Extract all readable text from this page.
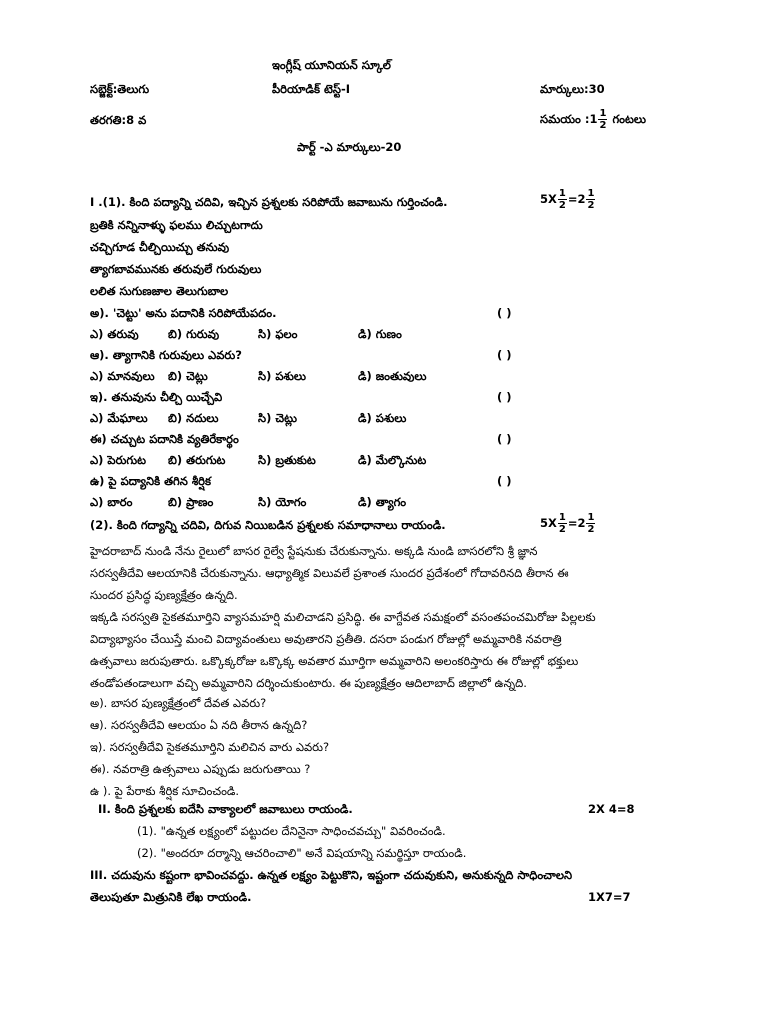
ఇంగ్లీష్ యూనియన్ స్కూల్
సబ్జెక్ట్:తెలుగు	పీరియాడిక్ టెస్ట్-I	మార్కులు:30
తరగతి:8 వ	సమయం :1 $\frac{1}{2}$ గంటలు
పార్ట్ -ఎ మార్కులు-20
I .(1). కింది పద్యాన్ని చదివి, ఇచ్చిన ప్రశ్నలకు సరిపోయే జవాబును గుర్తించండి.	$5X \frac{1}{2} =2 \frac{1}{2}$
బ్రతికి నన్నినాళ్ళు ఫలము లిచ్చుటగాదు
చచ్చిగూడ చీల్చియిచ్చు తనువు
త్యాగబావమునకు తరువులే గురువులు
లలిత సుగుణజాల తెలుగుబాల
అ). 'చెట్టు' అను పదానికి సరిపోయేపదం.	( )
ఎ) తరువు	బి) గురువు	సి) ఫలం	డి) గుణం
ఆ). త్యాగానికి గురువులు ఎవరు?	( )
ఎ) మానవులు బి) చెట్లు	సి) పశులు	డి) జంతువులు
ఇ). తనువును చీల్చి యిచ్చేవి	( )
ఎ) మేఘాలు బి) నదులు	సి) చెట్లు	డి) పశులు
ఈ) చచ్చుట పదానికి వ్యతిరేకార్థం	( )
ఎ) పెరుగుట బి) తరుగుట	సి) బ్రతుకుట	డి) మేల్కొనుట
ఉ) పై పద్యానికి తగిన శీర్షిక	( )
ఎ) బారం	బి) ప్రాణం	సి) యోగం	డి) త్యాగం
(2). కింది గద్యాన్ని చదివి, దిగువ నియిబడిన ప్రశ్నలకు సమాధానాలు రాయండి.	$5X \frac{1}{2} =2 \frac{1}{2}$
హైదరాబాద్ నుండి నేను రైలులో బాసర రైల్వే స్టేషనుకు చేరుకున్నాను. అక్కడి నుండి బాసరలోని శ్రీ జ్ఞాన
సరస్వతీదేవి ఆలయానికి చేరుకున్నాను. ఆధ్యాత్మిక విలువలే ప్రశాంత సుందర ప్రదేశంలో గోదావరినది తీరాన ఈ
సుందర ప్రసిద్ధ పుణ్యక్షేత్రం ఉన్నది.
ఇక్కడి సరస్వతి సైకతమూర్తిని వ్యాసమహర్షి మలిచాడని ప్రసిద్ధి. ఈ వాగ్దేవత సమక్షంలో వసంతపంచమిరోజు పిల్లలకు
విద్యాభ్యాసం చేయిస్తే మంచి విద్యావంతులు అవుతారని ప్రతీతి. దసరా పండుగ రోజుల్లో అమ్మవారికి నవరాత్రి
ఉత్సవాలు జరుపుతారు. ఒక్కొక్కరోజు ఒక్కొక్క అవతార మూర్తిగా అమ్మవారిని అలంకరిస్తారు ఈ రోజుల్లో భక్తులు
తండోపతండాలుగా వచ్చి అమ్మవారిని దర్శించుకుంటారు. ఈ పుణ్యక్షేత్రం ఆదిలాబాద్ జిల్లాలో ఉన్నది.
అ). బాసర పుణ్యక్షేత్రంలో దేవత ఎవరు?
ఆ). సరస్వతీదేవి ఆలయం ఏ నది తీరాన ఉన్నది?
ఇ). సరస్వతీదేవి సైకతమూర్తిని మలిచిన వారు ఎవరు?
ఈ). నవరాత్రి ఉత్సవాలు ఎప్పుడు జరుగుతాయి ?
ఉ ). పై పేరాకు శీర్షిక సూచించండి.
II. కింది ప్రశ్నలకు ఐదేసి వాక్యాలలో జవాబులు రాయండి.	2X 4=8
(1). "ఉన్నత లక్ష్యంలో పట్టుదల దేనినైనా సాధించవచ్చు" వివరించండి.
(2). "అందరూ దర్మాన్ని ఆచరించాలి" అనే విషయాన్ని సమర్థిస్తూ రాయండి.
III. చదువును కష్టంగా భావించవద్దు. ఉన్నత లక్ష్యం పెట్టుకొని, ఇష్టంగా చదువుకుని, అనుకున్నది సాధించాలని
తెలుపుతూ మిత్రునికి లేఖ రాయండి.	1X7=7
